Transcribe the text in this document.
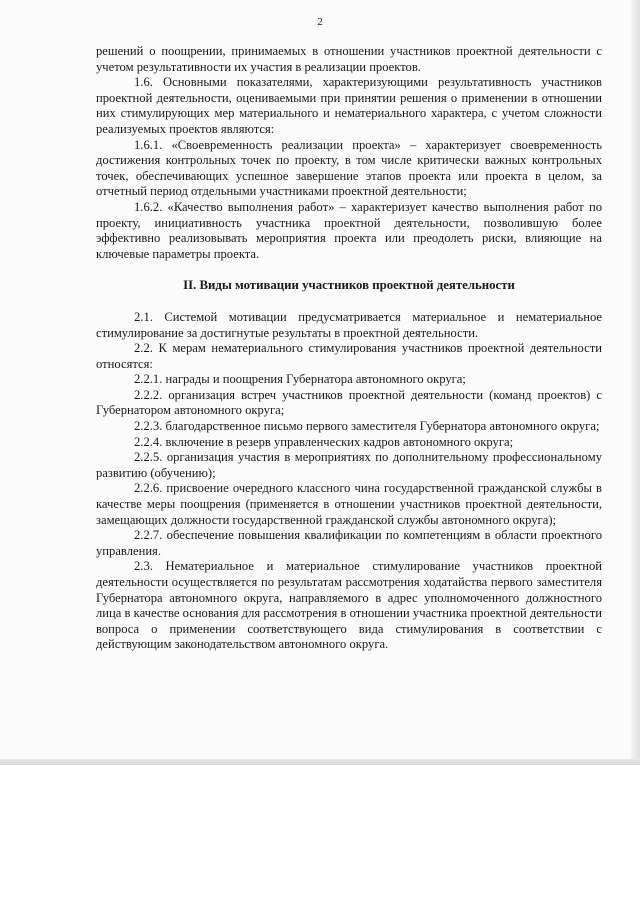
2

решений о поощрении, принимаемых в отношении участников проектной деятельности с учетом результативности их участия в реализации проектов.

1.6. Основными показателями, характеризующими результативность участников проектной деятельности, оцениваемыми при принятии решения о применении в отношении них стимулирующих мер материального и нематериального характера, с учетом сложности реализуемых проектов являются:

1.6.1. «Своевременность реализации проекта» – характеризует своевременность достижения контрольных точек по проекту, в том числе критически важных контрольных точек, обеспечивающих успешное завершение этапов проекта или проекта в целом, за отчетный период отдельными участниками проектной деятельности;

1.6.2. «Качество выполнения работ» – характеризует качество выполнения работ по проекту, инициативность участника проектной деятельности, позволившую более эффективно реализовывать мероприятия проекта или преодолеть риски, влияющие на ключевые параметры проекта.

II. Виды мотивации участников проектной деятельности

2.1. Системой мотивации предусматривается материальное и нематериальное стимулирование за достигнутые результаты в проектной деятельности.

2.2. К мерам нематериального стимулирования участников проектной деятельности относятся:

2.2.1. награды и поощрения Губернатора автономного округа;

2.2.2. организация встреч участников проектной деятельности (команд проектов) с Губернатором автономного округа;

2.2.3. благодарственное письмо первого заместителя Губернатора автономного округа;

2.2.4. включение в резерв управленческих кадров автономного округа;

2.2.5. организация участия в мероприятиях по дополнительному профессиональному развитию (обучению);

2.2.6. присвоение очередного классного чина государственной гражданской службы в качестве меры поощрения (применяется в отношении участников проектной деятельности, замещающих должности государственной гражданской службы автономного округа);

2.2.7. обеспечение повышения квалификации по компетенциям в области проектного управления.

2.3. Нематериальное и материальное стимулирование участников проектной деятельности осуществляется по результатам рассмотрения ходатайства первого заместителя Губернатора автономного округа, направляемого в адрес уполномоченного должностного лица в качестве основания для рассмотрения в отношении участника проектной деятельности вопроса о применении соответствующего вида стимулирования в соответствии с действующим законодательством автономного округа.
